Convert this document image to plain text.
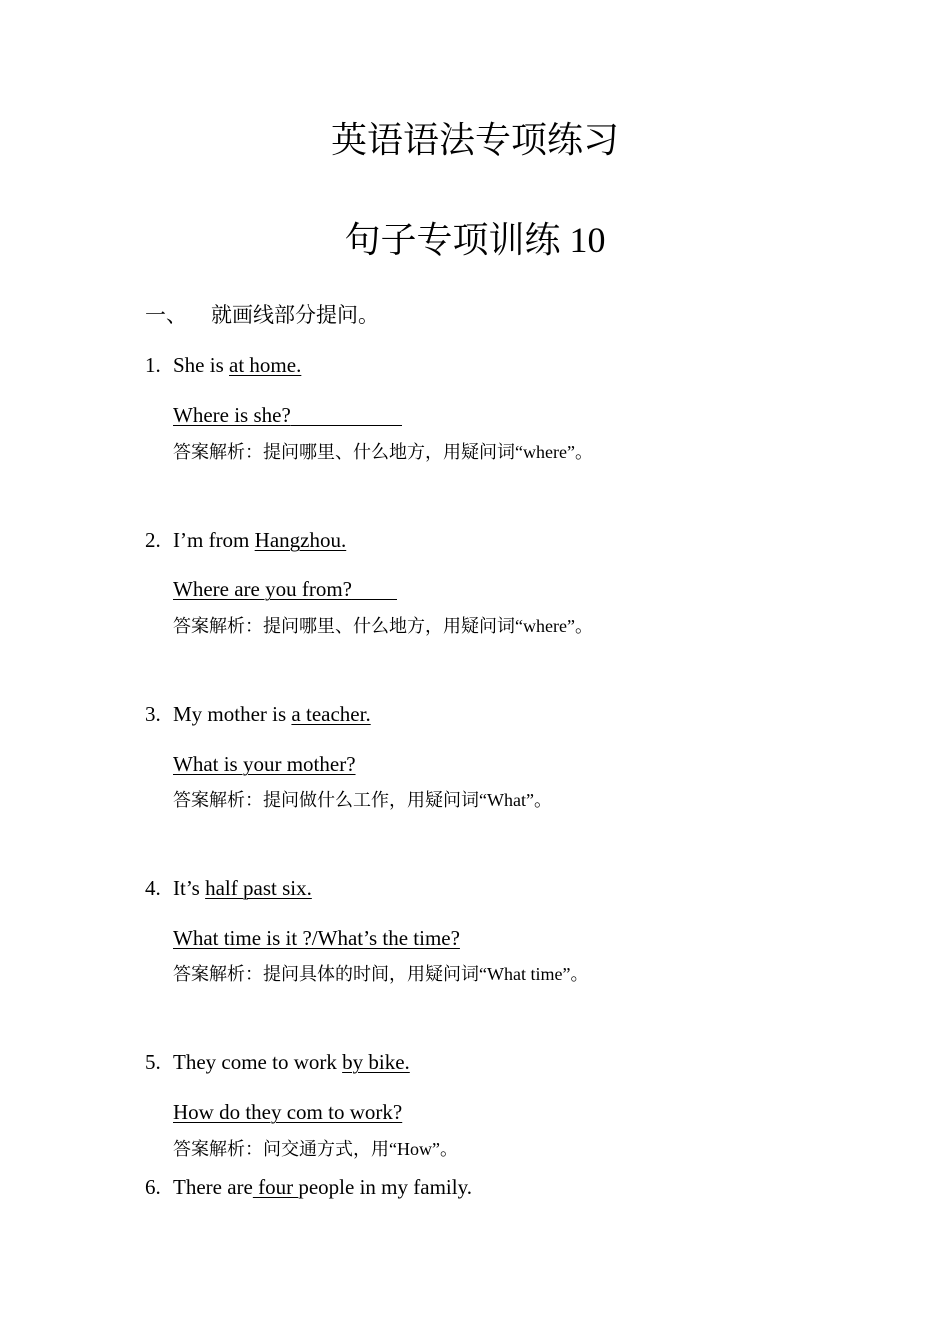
英语语法专项练习
句子专项训练 10
一、 就画线部分提问。
1. She is at home.
Where is she?
答案解析：提问哪里、什么地方，用疑问词“where”。
2. I’m from Hangzhou.
Where are you from?
答案解析：提问哪里、什么地方，用疑问词“where”。
3. My mother is a teacher.
What is your mother?
答案解析：提问做什么工作，用疑问词“What”。
4. It’s half past six.
What time is it ?/What’s the time?
答案解析：提问具体的时间，用疑问词“What time”。
5. They come to work by bike.
How do they com to work?
答案解析：问交通方式，用“How”。
6. There are four people in my family.
